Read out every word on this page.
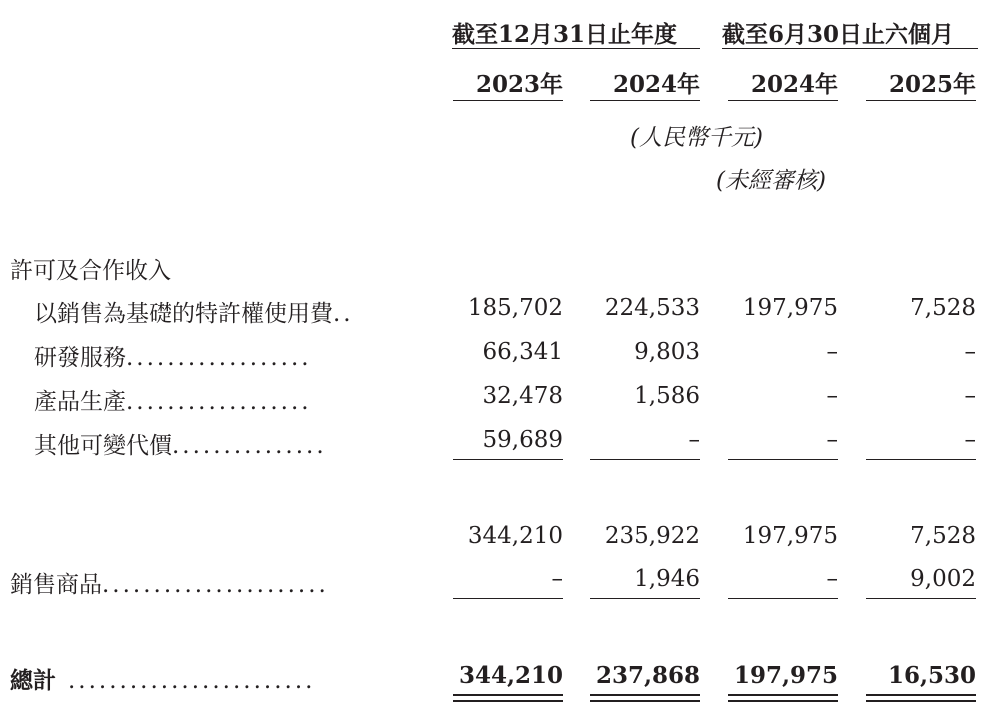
截至12月31日止年度 截至6月30日止六個月
2023年	2024年	2024年	2025年
(人民幣千元)
(未經審核)
許可及合作收入
以銷售為基礎的特許權使用費..	185,702	224,533	197,975	7,528
研發服務..................	66,341	9,803	–	–
產品生產..................	32,478	1,586	–	–
其他可變代價...............	59,689	–	–	–
344,210	235,922	197,975	7,528
銷售商品......................	–	1,946	–	9,002
總計 ........................	344,210 237,868 197,975	16,530
